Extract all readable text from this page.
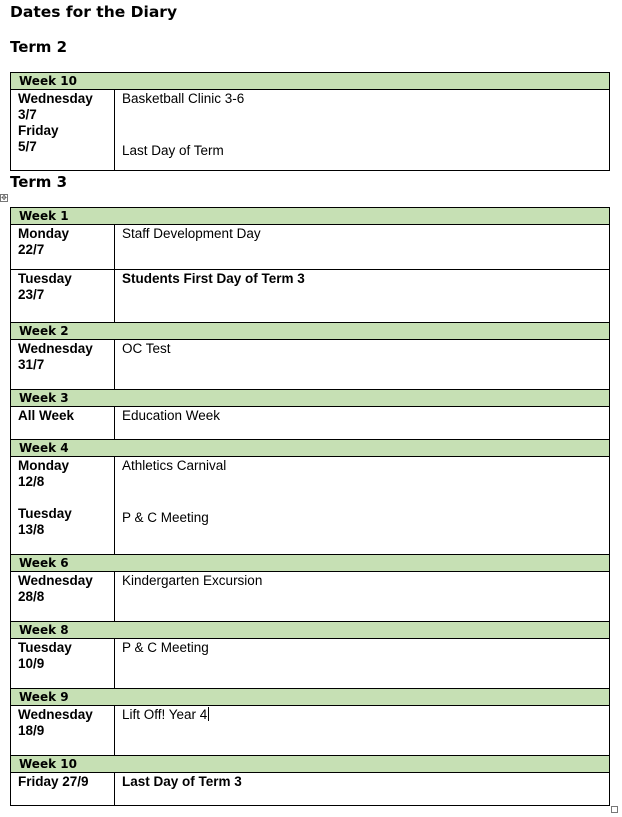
Dates for the Diary
Term 2
Week 10
Wednesday
3/7
Friday
5/7
Basketball Clinic 3-6
Last Day of Term
Term 3
✥
Week 1
Monday
22/7
Staff Development Day
Tuesday
23/7
Students First Day of Term 3
Week 2
Wednesday
31/7
OC Test
Week 3
All Week	Education Week
Week 4
Monday
12/8
Tuesday
13/8
Athletics Carnival
P & C Meeting
Week 6
Wednesday
28/8
Kindergarten Excursion
Week 8
Tuesday
10/9
P & C Meeting
Week 9
Wednesday
18/9
Lift Off! Year 4
Week 10
Friday 27/9	Last Day of Term 3
